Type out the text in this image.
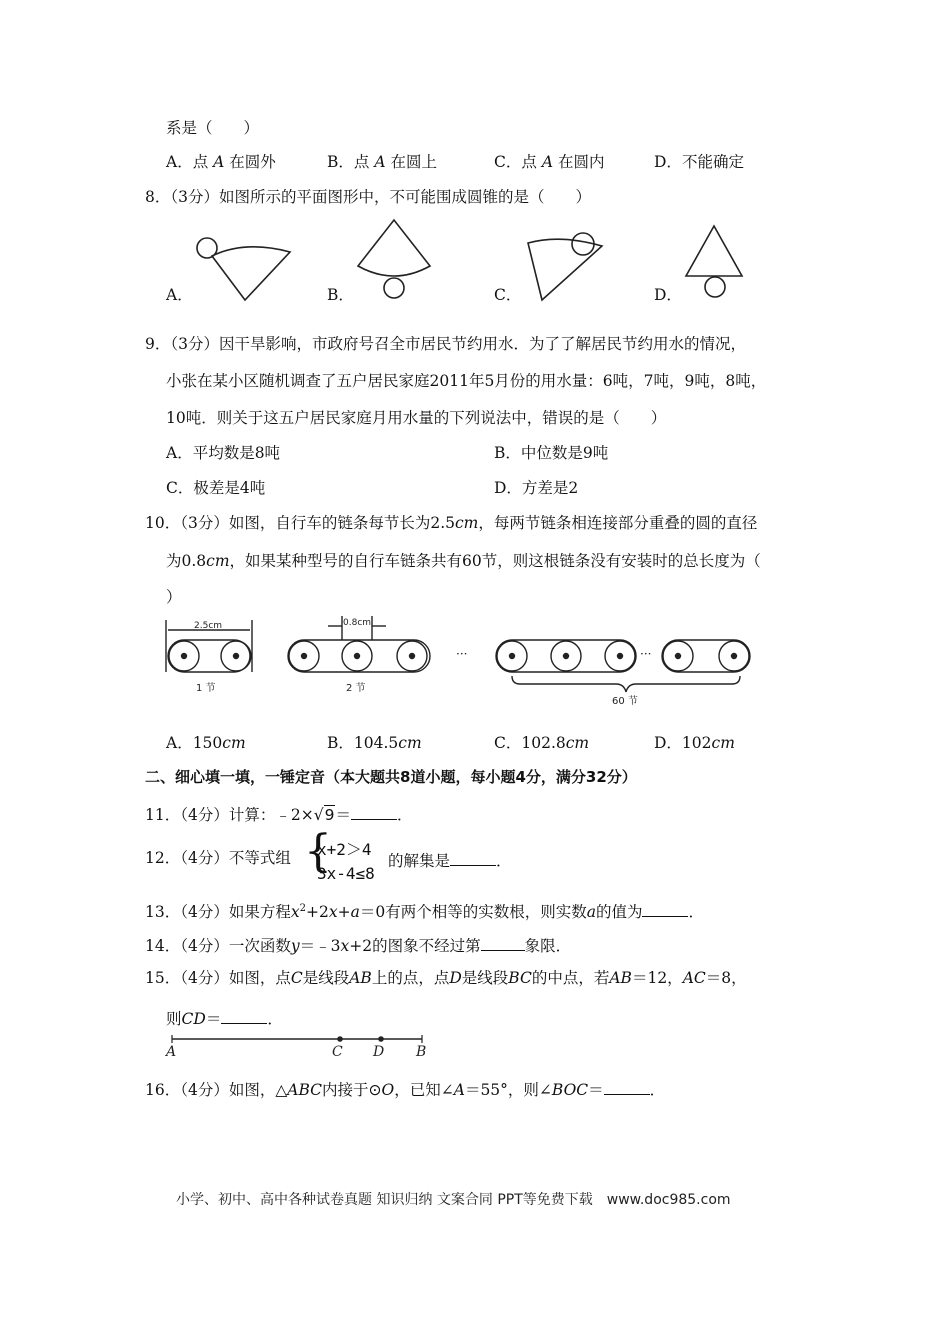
系是（　　）
A．点 A 在圆外	B．点 A 在圆上	C．点 A 在圆内	D．不能确定
8．（3分）如图所示的平面图形中，不可能围成圆锥的是（　　）
A．	B．	C．	D．
9．（3分）因干旱影响，市政府号召全市居民节约用水．为了了解居民节约用水的情况，
小张在某小区随机调查了五户居民家庭2011年5月份的用水量：6吨，7吨，9吨，8吨，
10吨．则关于这五户居民家庭月用水量的下列说法中，错误的是（　　）
A．平均数是8吨	B．中位数是9吨
C．极差是4吨	D．方差是2
10．（3分）如图，自行车的链条每节长为2.5cm，每两节链条相连接部分重叠的圆的直径
为0.8cm，如果某种型号的自行车链条共有60节，则这根链条没有安装时的总长度为（
）
2.5cm
1 节
0.8cm
2 节
···	···
60 节
A．150cm	B．104.5cm	C．102.8cm	D．102cm
二、细心填一填，一锤定音（本大题共8道小题，每小题4分，满分32分）
11．（4分）计算：﹣2×√9＝	．
12．（4分）不等式组 {
x+2＞4
3x-4≤8
的解集是	．
13．（4分）如果方程$x^2+2x+a=0$有两个相等的实数根，则实数a的值为	．
14．（4分）一次函数y＝﹣3x+2的图象不经过第	象限．
15．（4分）如图，点C是线段AB上的点，点D是线段BC的中点，若AB＝12，AC＝8，
则CD＝	．
A	C D B
16．（4分）如图，△ABC内接于⊙O，已知∠A＝55°，则∠BOC＝	．
小学、初中、高中各种试卷真题 知识归纳 文案合同 PPT等免费下载　www.doc985.com
